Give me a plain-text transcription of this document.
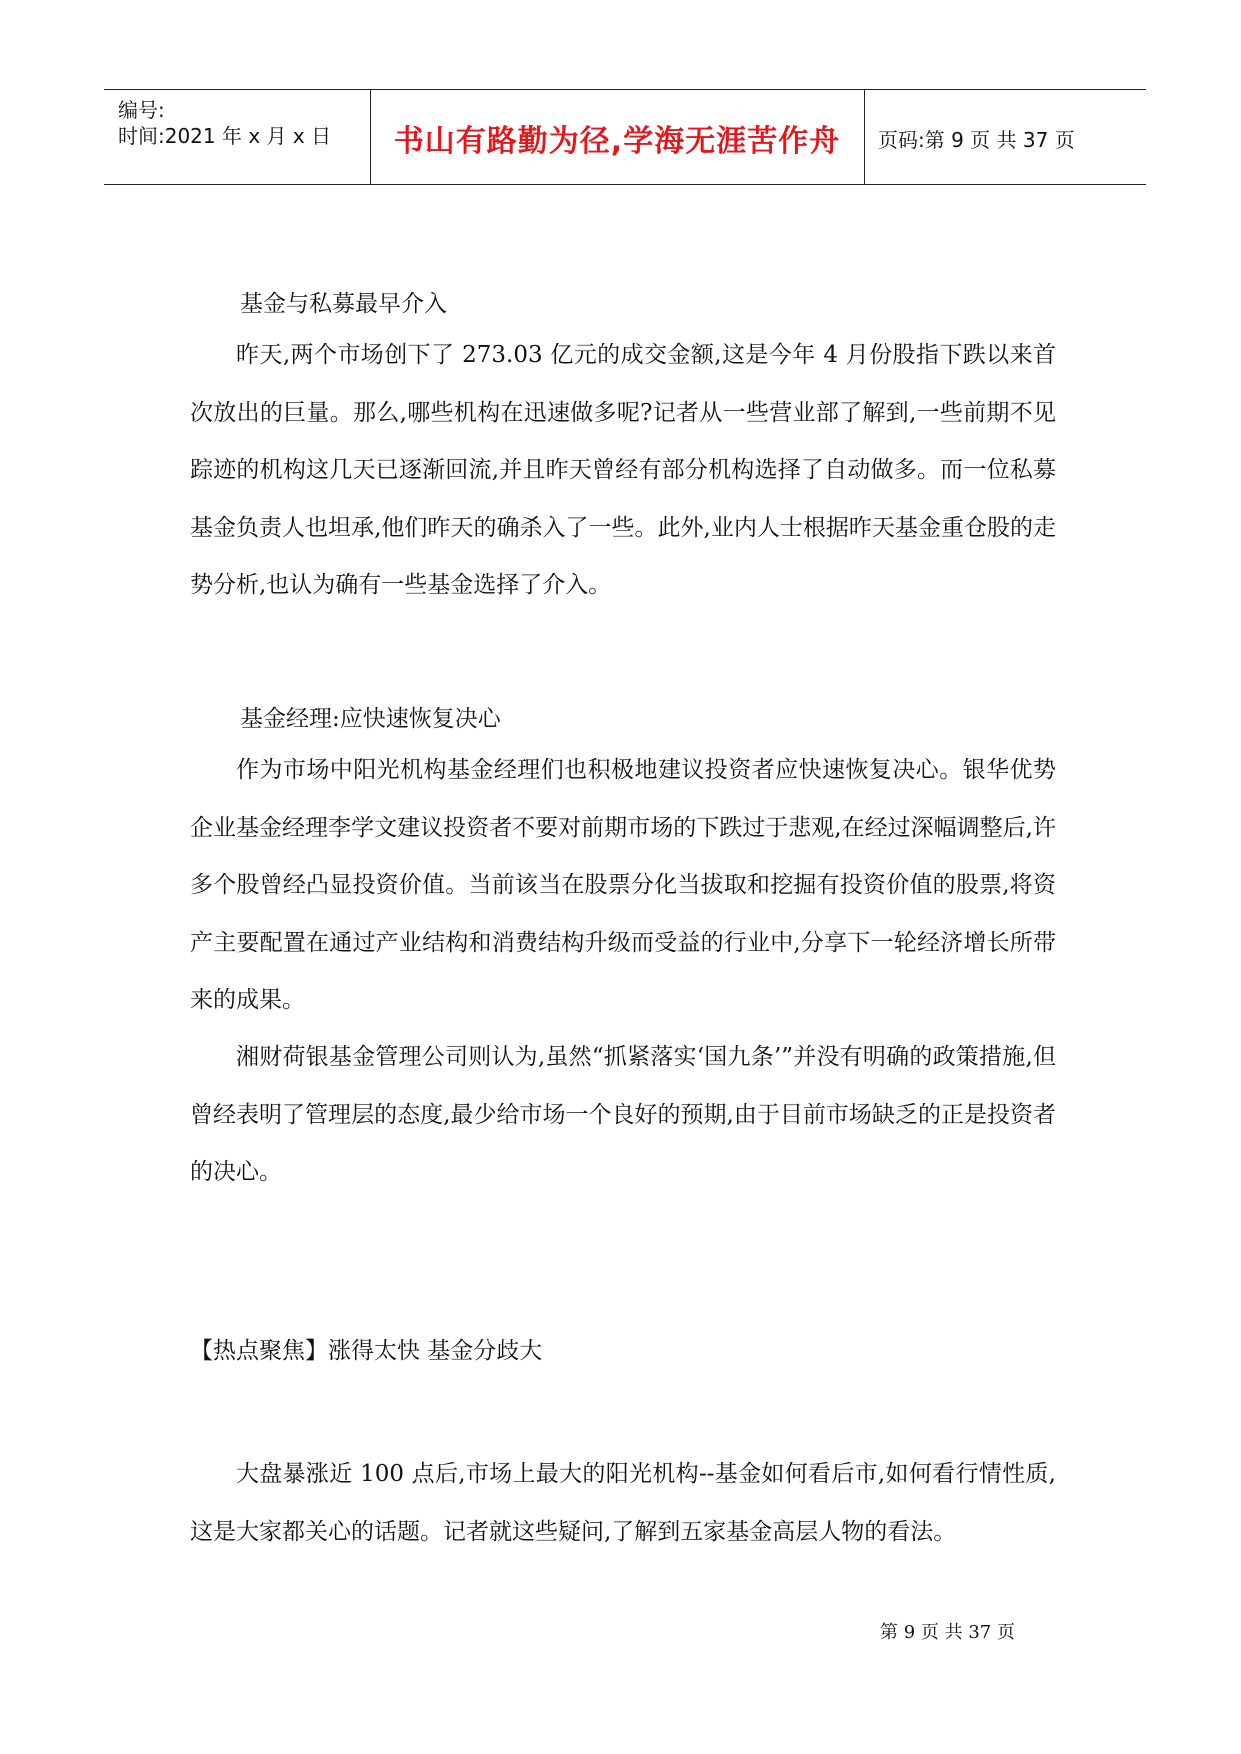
编号:
时间:2021 年 x 月 x 日	书山有路勤为径,学海无涯苦作舟	页码:第 9 页 共 37 页
基金与私募最早介入

昨天,两个市场创下了 273.03 亿元的成交金额,这是今年 4 月份股指下跌以来首次放出的巨量。那么,哪些机构在迅速做多呢?记者从一些营业部了解到,一些前期不见踪迹的机构这几天已逐渐回流,并且昨天曾经有部分机构选择了自动做多。而一位私募基金负责人也坦承,他们昨天的确杀入了一些。此外,业内人士根据昨天基金重仓股的走势分析,也认为确有一些基金选择了介入。

基金经理:应快速恢复决心

作为市场中阳光机构基金经理们也积极地建议投资者应快速恢复决心。银华优势企业基金经理李学文建议投资者不要对前期市场的下跌过于悲观,在经过深幅调整后,许多个股曾经凸显投资价值。当前该当在股票分化当拔取和挖掘有投资价值的股票,将资产主要配置在通过产业结构和消费结构升级而受益的行业中,分享下一轮经济增长所带来的成果。

湘财荷银基金管理公司则认为,虽然“抓紧落实‘国九条’”并没有明确的政策措施,但曾经表明了管理层的态度,最少给市场一个良好的预期,由于目前市场缺乏的正是投资者的决心。

【热点聚焦】涨得太快 基金分歧大

大盘暴涨近 100 点后,市场上最大的阳光机构--基金如何看后市,如何看行情性质,这是大家都关心的话题。记者就这些疑问,了解到五家基金高层人物的看法。

第 9 页 共 37 页
